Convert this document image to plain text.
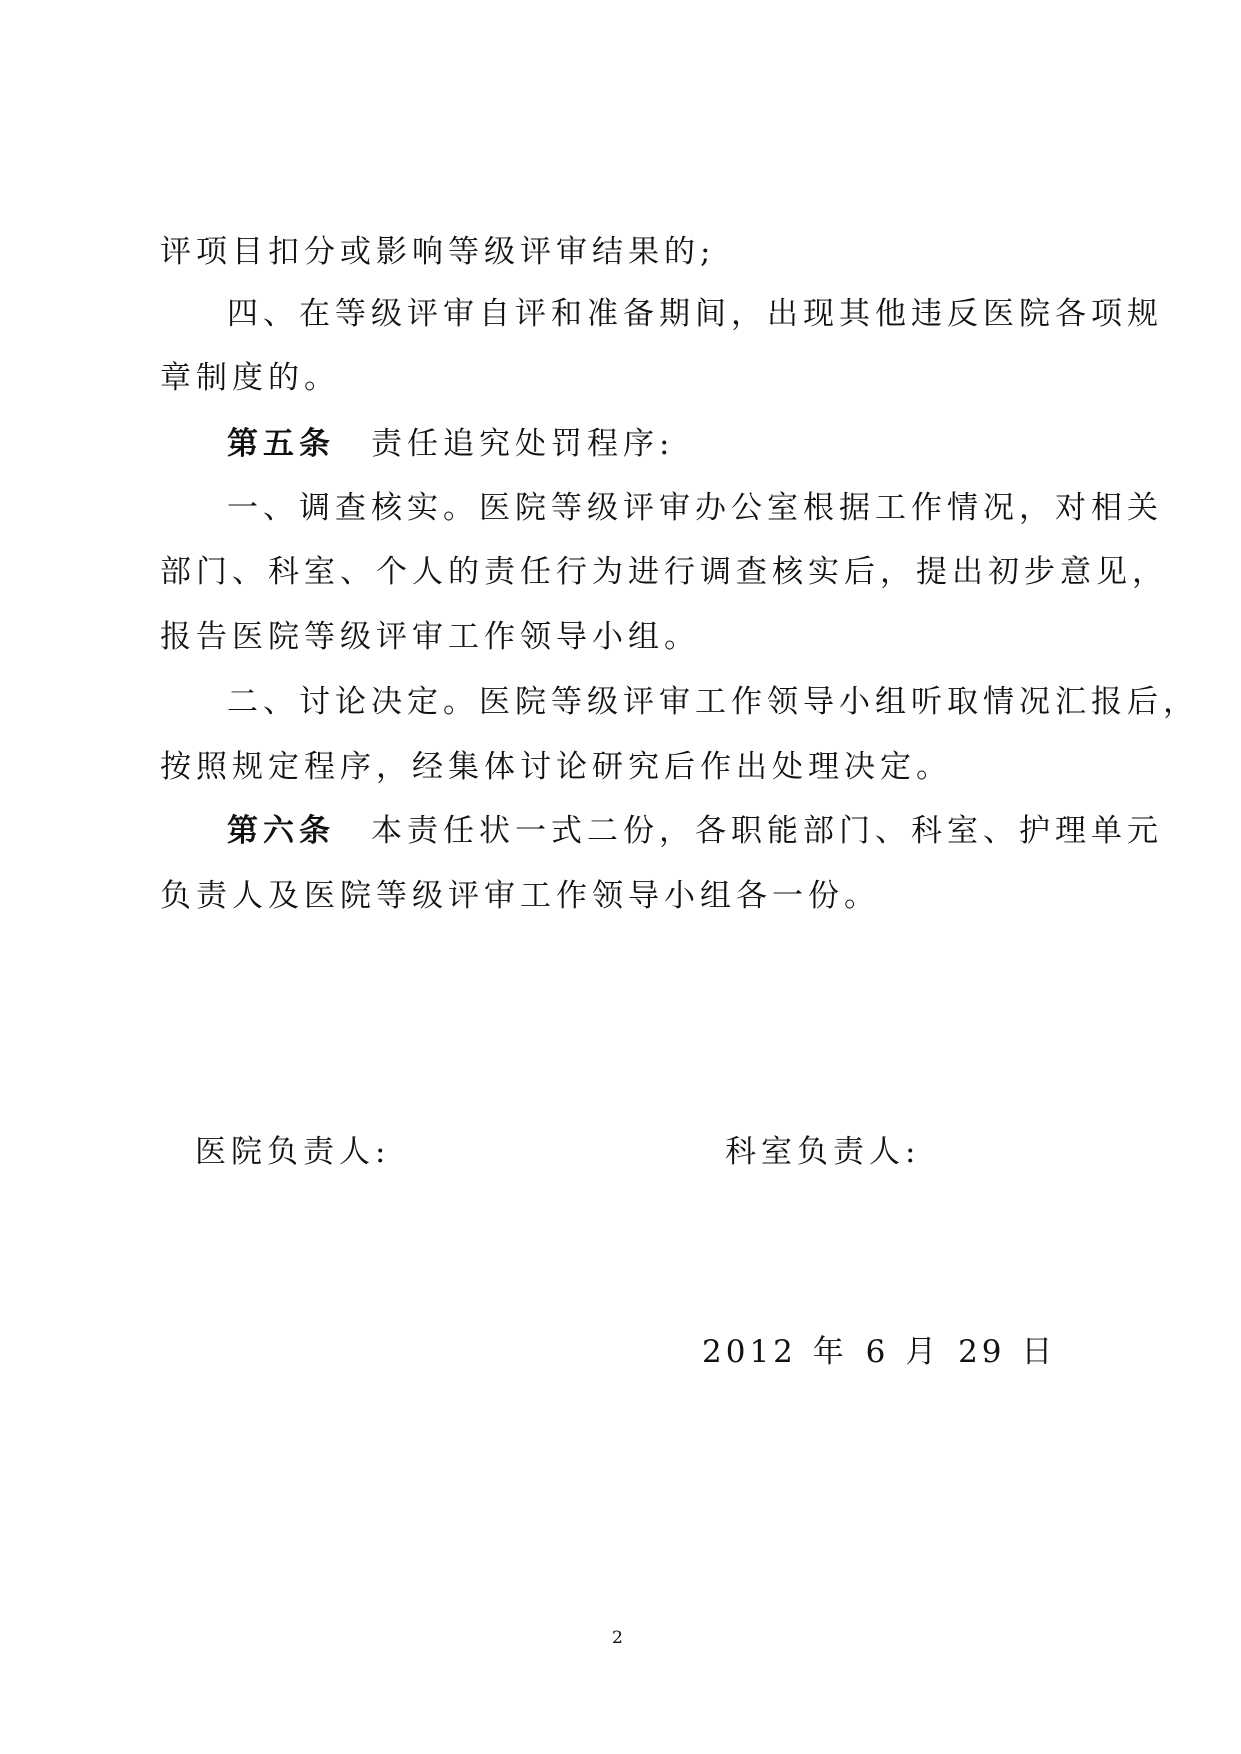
评项目扣分或影响等级评审结果的;
四、在等级评审自评和准备期间，出现其他违反医院各项规
章制度的。
第五条 责任追究处罚程序:
一、调查核实。医院等级评审办公室根据工作情况，对相关
部门、科室、个人的责任行为进行调查核实后，提出初步意见，
报告医院等级评审工作领导小组。
二、讨论决定。医院等级评审工作领导小组听取情况汇报后，
按照规定程序，经集体讨论研究后作出处理决定。
第六条 本责任状一式二份，各职能部门、科室、护理单元
负责人及医院等级评审工作领导小组各一份。
医院负责人:	科室负责人:
2012 年 6 月 29 日
2
